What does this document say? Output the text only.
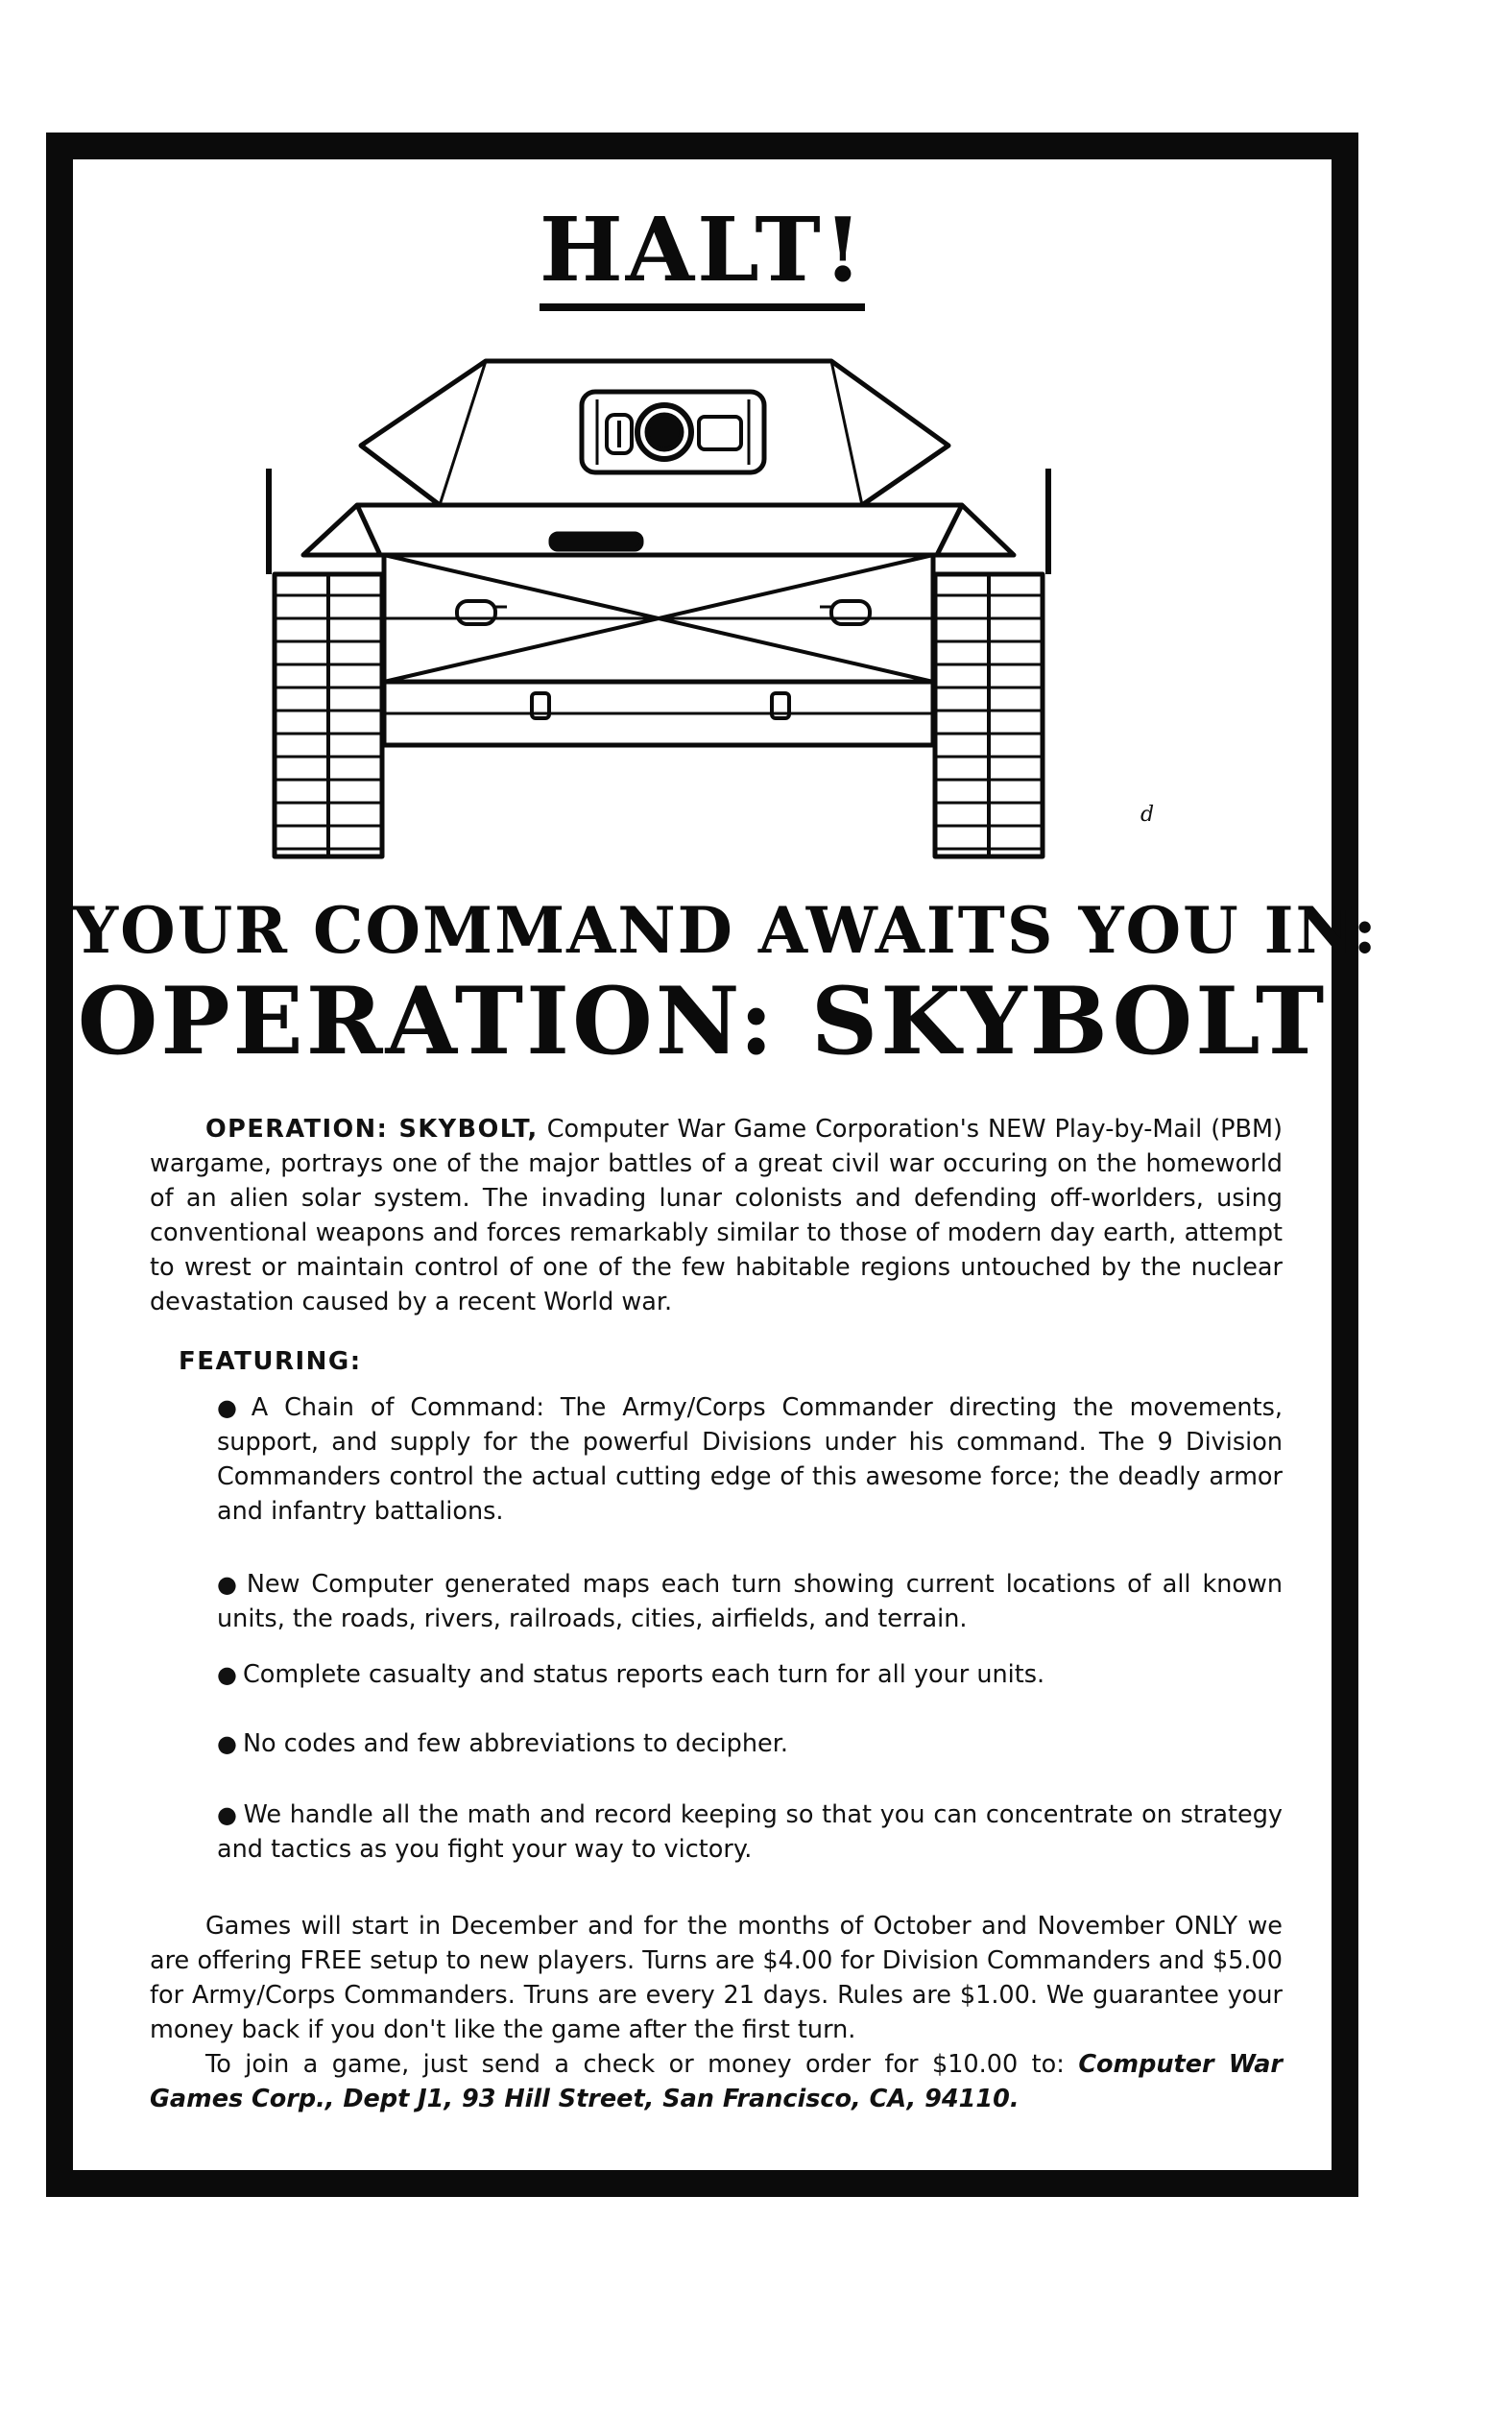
HALT!
d
YOUR COMMAND AWAITS YOU IN:
OPERATION: SKYBOLT
OPERATION: SKYBOLT, Computer War Game Corporation's NEW Play-by-Mail (PBM) wargame, portrays one of the major battles of a great civil war occuring on the homeworld of an alien solar system. The invading lunar colonists and defending off-worlders, using conventional weapons and forces remarkably similar to those of modern day earth, attempt to wrest or maintain control of one of the few habitable regions untouched by the nuclear devastation caused by a recent World war.
FEATURING:
● A Chain of Command: The Army/Corps Commander directing the movements, support, and supply for the powerful Divisions under his command. The 9 Division Commanders control the actual cutting edge of this awesome force; the deadly armor and infantry battalions.
● New Computer generated maps each turn showing current locations of all known units, the roads, rivers, railroads, cities, airfields, and terrain.
● Complete casualty and status reports each turn for all your units.
● No codes and few abbreviations to decipher.
● We handle all the math and record keeping so that you can concentrate on strategy and tactics as you fight your way to victory.

Games will start in December and for the months of October and November ONLY we are offering FREE setup to new players. Turns are $4.00 for Division Commanders and $5.00 for Army/Corps Commanders. Truns are every 21 days. Rules are $1.00. We guarantee your money back if you don't like the game after the first turn.

To join a game, just send a check or money order for $10.00 to: Computer War Games Corp., Dept J1, 93 Hill Street, San Francisco, CA, 94110.
